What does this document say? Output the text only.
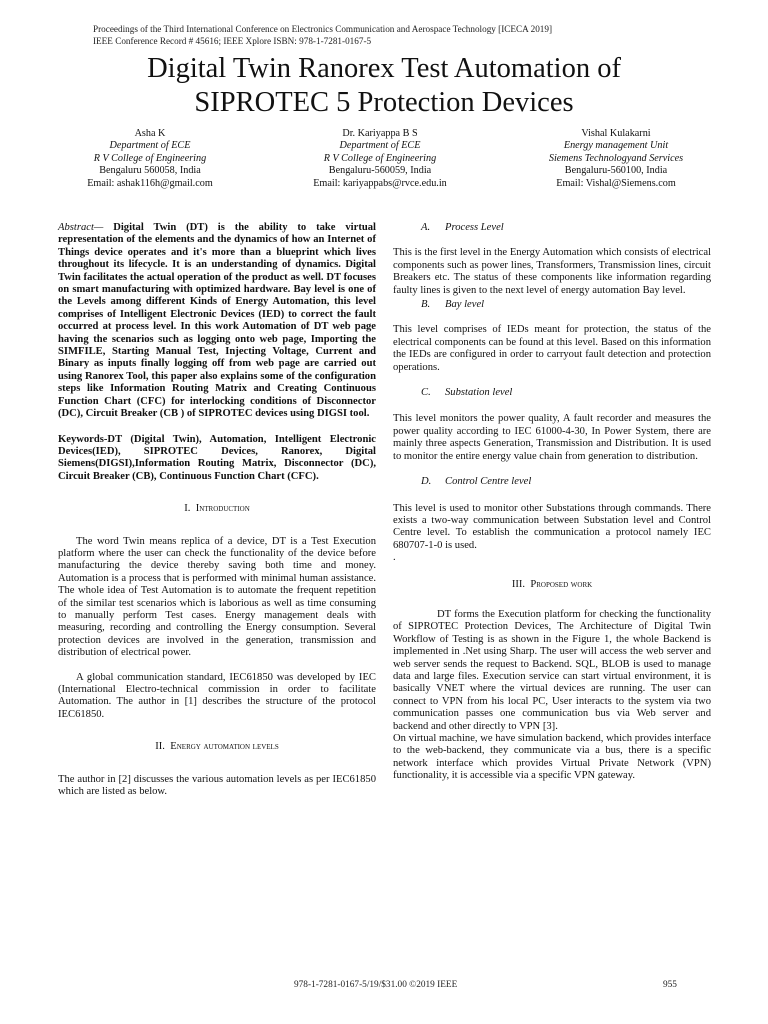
Proceedings of the Third International Conference on Electronics Communication and Aerospace Technology [ICECA 2019]
IEEE Conference Record # 45616; IEEE Xplore ISBN: 978-1-7281-0167-5
Digital Twin Ranorex Test Automation of
SIPROTEC 5 Protection Devices
Asha K
Department of ECE
R V College of Engineering
Bengaluru 560058, India
Email: ashak116h@gmail.com
Dr. Kariyappa B S
Department of ECE
R V College of Engineering
Bengaluru-560059, India
Email: kariyappabs@rvce.edu.in
Vishal Kulakarni
Energy management Unit
Siemens Technologyand Services
Bengaluru-560100, India
Email: Vishal@Siemens.com

Abstract— Digital Twin (DT) is the ability to take virtual representation of the elements and the dynamics of how an Internet of Things device operates and it's more than a blueprint which lives throughout its lifecycle. It is an understanding of dynamics. Digital Twin facilitates the actual operation of the product as well. DT focuses on smart manufacturing with optimized hardware. Bay level is one of the Levels among different Kinds of Energy Automation, this level comprises of Intelligent Electronic Devices (IED) to correct the fault occurred at process level. In this work Automation of DT web page having the scenarios such as logging onto web page, Importing the SIMFILE, Starting Manual Test, Injecting Voltage, Current and Binary as inputs finally logging off from web page are carried out using Ranorex Tool, this paper also explains some of the configuration steps like Information Routing Matrix and Creating Continuous Function Chart (CFC) for interlocking conditions of Disconnector (DC), Circuit Breaker (CB ) of SIPROTEC devices using DIGSI tool.

Keywords-DT (Digital Twin), Automation, Intelligent Electronic Devices(IED), SIPROTEC Devices, Ranorex, Digital Siemens(DIGSI),Information Routing Matrix, Disconnector (DC), Circuit Breaker (CB), Continuous Function Chart (CFC).

I. Introduction

The word Twin means replica of a device, DT is a Test Execution platform where the user can check the functionality of the device before manufacturing the device thereby saving both time and money. Automation is a process that is performed with minimal human assistance. The whole idea of Test Automation is to automate the frequent repetition of the similar test scenarios which is laborious as well as time consuming to manually perform Test cases. Energy management deals with measuring, recording and controlling the Energy consumption. Several protection devices are involved in the generation, transmission and distribution of electrical power.

A global communication standard, IEC61850 was developed by IEC (International Electro-technical commission in order to facilitate Automation. The author in [1] describes the structure of the protocol IEC61850.

II. Energy automation levels

The author in [2] discusses the various automation levels as per IEC61850 which are listed as below.

A. Process Level

This is the first level in the Energy Automation which consists of electrical components such as power lines, Transformers, Transmission lines, circuit Breakers etc. The status of these components like information regarding faulty lines is given to the next level of energy automation Bay level.

B. Bay level

This level comprises of IEDs meant for protection, the status of the electrical components can be found at this level. Based on this information the IEDs are configured in order to carryout fault detection and protection operations.

C. Substation level

This level monitors the power quality, A fault recorder and measures the power quality according to IEC 61000-4-30, In Power System, there are mainly three aspects Generation, Transmission and Distribution. It is used to monitor the entire energy value chain from generation to distribution.

D. Control Centre level

This level is used to monitor other Substations through commands. There exists a two-way communication between Substation level and Control Centre level. To establish the communication a protocol namely IEC 680707-1-0 is used.

.

III. Proposed work

DT forms the Execution platform for checking the functionality of SIPROTEC Protection Devices, The Architecture of Digital Twin Workflow of Testing is as shown in the Figure 1, the whole Backend is implemented in .Net using Sharp. The user will access the web server and web server sends the request to Backend. SQL, BLOB is used to manage data and large files. Execution service can start virtual environment, it is basically VNET where the virtual devices are running. The user can connect to VPN from his local PC, User interacts to the system via two communication passes one communication bus via Web server and backend and other directly to VPN [3].

On virtual machine, we have simulation backend, which provides interface to the web-backend, they communicate via a bus, there is a specific network interface which provides Virtual Private Network (VPN) functionality, it is accessible via a specific VPN gateway.

978-1-7281-0167-5/19/$31.00 ©2019 IEEE	955
